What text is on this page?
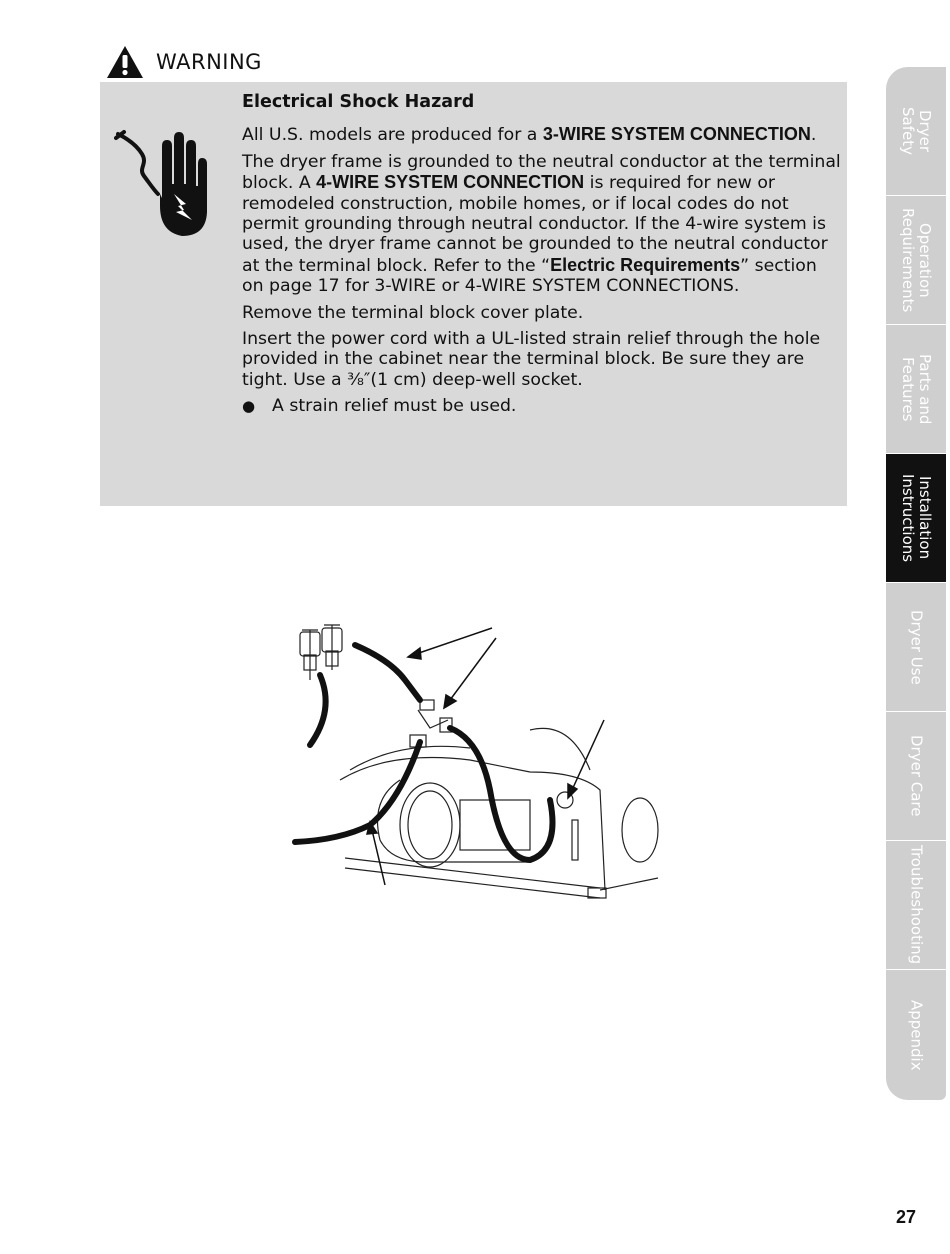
WARNING

Electrical Shock Hazard

All U.S. models are produced for a 3-WIRE SYSTEM CONNECTION.

The dryer frame is grounded to the neutral conductor at the terminal block. A 4-WIRE SYSTEM CONNECTION is required for new or remodeled construction, mobile homes, or if local codes do not permit grounding through neutral conductor. If the 4-wire system is used, the dryer frame cannot be grounded to the neutral conductor at the terminal block. Refer to the “Electric Requirements” section on page 17 for 3-WIRE or 4-WIRE SYSTEM CONNECTIONS.

Remove the terminal block cover plate.

Insert the power cord with a UL-listed strain relief through the hole provided in the cabinet near the terminal block. Be sure they are tight. Use a ⅜″(1 cm) deep-well socket.

● A strain relief must be used.
Dryer
Safety
Operation
Requirements
Parts and
Features
Installation
Instructions
Dryer Use
Dryer Care
Troubleshooting
Appendix
27
